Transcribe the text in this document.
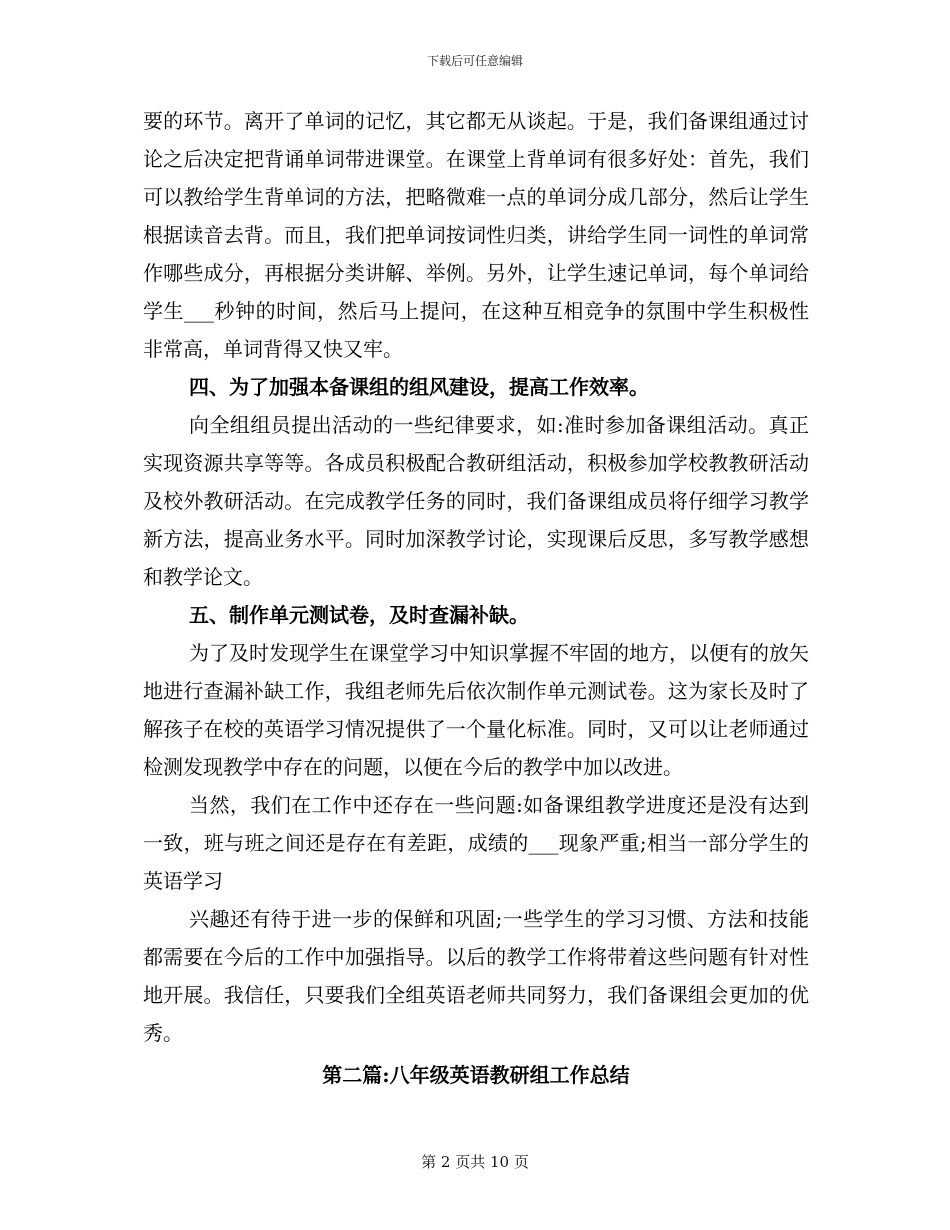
下载后可任意编辑

要的环节。离开了单词的记忆，其它都无从谈起。于是，我们备课组通过讨论之后决定把背诵单词带进课堂。在课堂上背单词有很多好处：首先，我们可以教给学生背单词的方法，把略微难一点的单词分成几部分，然后让学生根据读音去背。而且，我们把单词按词性归类，讲给学生同一词性的单词常作哪些成分，再根据分类讲解、举例。另外，让学生速记单词，每个单词给学生___秒钟的时间，然后马上提问，在这种互相竞争的氛围中学生积极性非常高，单词背得又快又牢。

四、为了加强本备课组的组风建设，提高工作效率。

向全组组员提出活动的一些纪律要求，如:准时参加备课组活动。真正实现资源共享等等。各成员积极配合教研组活动，积极参加学校教教研活动及校外教研活动。在完成教学任务的同时，我们备课组成员将仔细学习教学新方法，提高业务水平。同时加深教学讨论，实现课后反思，多写教学感想和教学论文。

五、制作单元测试卷，及时查漏补缺。

为了及时发现学生在课堂学习中知识掌握不牢固的地方，以便有的放矢地进行查漏补缺工作，我组老师先后依次制作单元测试卷。这为家长及时了解孩子在校的英语学习情况提供了一个量化标准。同时，又可以让老师通过检测发现教学中存在的问题，以便在今后的教学中加以改进。

当然，我们在工作中还存在一些问题:如备课组教学进度还是没有达到一致，班与班之间还是存在有差距，成绩的___现象严重;相当一部分学生的英语学习

兴趣还有待于进一步的保鲜和巩固;一些学生的学习习惯、方法和技能都需要在今后的工作中加强指导。以后的教学工作将带着这些问题有针对性地开展。我信任，只要我们全组英语老师共同努力，我们备课组会更加的优秀。

第二篇:八年级英语教研组工作总结

第 2 页共 10 页
